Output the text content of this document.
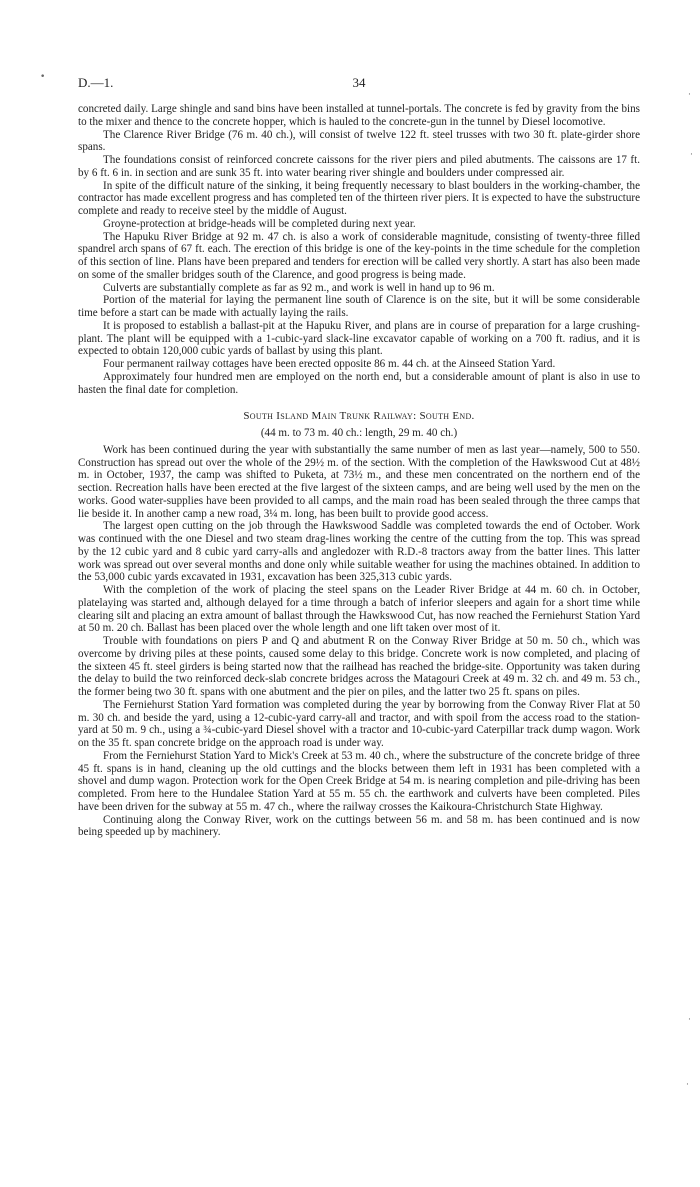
D.—1.	34

concreted daily. Large shingle and sand bins have been installed at tunnel-portals. The concrete is fed by gravity from the bins to the mixer and thence to the concrete hopper, which is hauled to the concrete-gun in the tunnel by Diesel locomotive.

The Clarence River Bridge (76 m. 40 ch.), will consist of twelve 122 ft. steel trusses with two 30 ft. plate-girder shore spans.

The foundations consist of reinforced concrete caissons for the river piers and piled abutments. The caissons are 17 ft. by 6 ft. 6 in. in section and are sunk 35 ft. into water bearing river shingle and boulders under compressed air.

In spite of the difficult nature of the sinking, it being frequently necessary to blast boulders in the working-chamber, the contractor has made excellent progress and has completed ten of the thirteen river piers. It is expected to have the substructure complete and ready to receive steel by the middle of August.

Groyne-protection at bridge-heads will be completed during next year.

The Hapuku River Bridge at 92 m. 47 ch. is also a work of considerable magnitude, consisting of twenty-three filled spandrel arch spans of 67 ft. each. The erection of this bridge is one of the key-points in the time schedule for the completion of this section of line. Plans have been prepared and tenders for erection will be called very shortly. A start has also been made on some of the smaller bridges south of the Clarence, and good progress is being made.

Culverts are substantially complete as far as 92 m., and work is well in hand up to 96 m.

Portion of the material for laying the permanent line south of Clarence is on the site, but it will be some considerable time before a start can be made with actually laying the rails.

It is proposed to establish a ballast-pit at the Hapuku River, and plans are in course of preparation for a large crushing-plant. The plant will be equipped with a 1-cubic-yard slack-line excavator capable of working on a 700 ft. radius, and it is expected to obtain 120,000 cubic yards of ballast by using this plant.

Four permanent railway cottages have been erected opposite 86 m. 44 ch. at the Ainseed Station Yard.

Approximately four hundred men are employed on the north end, but a considerable amount of plant is also in use to hasten the final date for completion.

South Island Main Trunk Railway: South End.
(44 m. to 73 m. 40 ch.: length, 29 m. 40 ch.)

Work has been continued during the year with substantially the same number of men as last year—namely, 500 to 550. Construction has spread out over the whole of the 29½ m. of the section. With the completion of the Hawkswood Cut at 48½ m. in October, 1937, the camp was shifted to Puketa, at 73½ m., and these men concentrated on the northern end of the section. Recreation halls have been erected at the five largest of the sixteen camps, and are being well used by the men on the works. Good water-supplies have been provided to all camps, and the main road has been sealed through the three camps that lie beside it. In another camp a new road, 3¼ m. long, has been built to provide good access.

The largest open cutting on the job through the Hawkswood Saddle was completed towards the end of October. Work was continued with the one Diesel and two steam drag-lines working the centre of the cutting from the top. This was spread by the 12 cubic yard and 8 cubic yard carry-alls and angledozer with R.D.-8 tractors away from the batter lines. This latter work was spread out over several months and done only while suitable weather for using the machines obtained. In addition to the 53,000 cubic yards excavated in 1931, excavation has been 325,313 cubic yards.

With the completion of the work of placing the steel spans on the Leader River Bridge at 44 m. 60 ch. in October, platelaying was started and, although delayed for a time through a batch of inferior sleepers and again for a short time while clearing silt and placing an extra amount of ballast through the Hawkswood Cut, has now reached the Ferniehurst Station Yard at 50 m. 20 ch. Ballast has been placed over the whole length and one lift taken over most of it.

Trouble with foundations on piers P and Q and abutment R on the Conway River Bridge at 50 m. 50 ch., which was overcome by driving piles at these points, caused some delay to this bridge. Concrete work is now completed, and placing of the sixteen 45 ft. steel girders is being started now that the railhead has reached the bridge-site. Opportunity was taken during the delay to build the two reinforced deck-slab concrete bridges across the Matagouri Creek at 49 m. 32 ch. and 49 m. 53 ch., the former being two 30 ft. spans with one abutment and the pier on piles, and the latter two 25 ft. spans on piles.

The Ferniehurst Station Yard formation was completed during the year by borrowing from the Conway River Flat at 50 m. 30 ch. and beside the yard, using a 12-cubic-yard carry-all and tractor, and with spoil from the access road to the station-yard at 50 m. 9 ch., using a ¾-cubic-yard Diesel shovel with a tractor and 10-cubic-yard Caterpillar track dump wagon. Work on the 35 ft. span concrete bridge on the approach road is under way.

From the Ferniehurst Station Yard to Mick's Creek at 53 m. 40 ch., where the substructure of the concrete bridge of three 45 ft. spans is in hand, cleaning up the old cuttings and the blocks between them left in 1931 has been completed with a shovel and dump wagon. Protection work for the Open Creek Bridge at 54 m. is nearing completion and pile-driving has been completed. From here to the Hundalee Station Yard at 55 m. 55 ch. the earthwork and culverts have been completed. Piles have been driven for the subway at 55 m. 47 ch., where the railway crosses the Kaikoura-Christchurch State Highway.

Continuing along the Conway River, work on the cuttings between 56 m. and 58 m. has been continued and is now being speeded up by machinery.

•
·
·
·
·
